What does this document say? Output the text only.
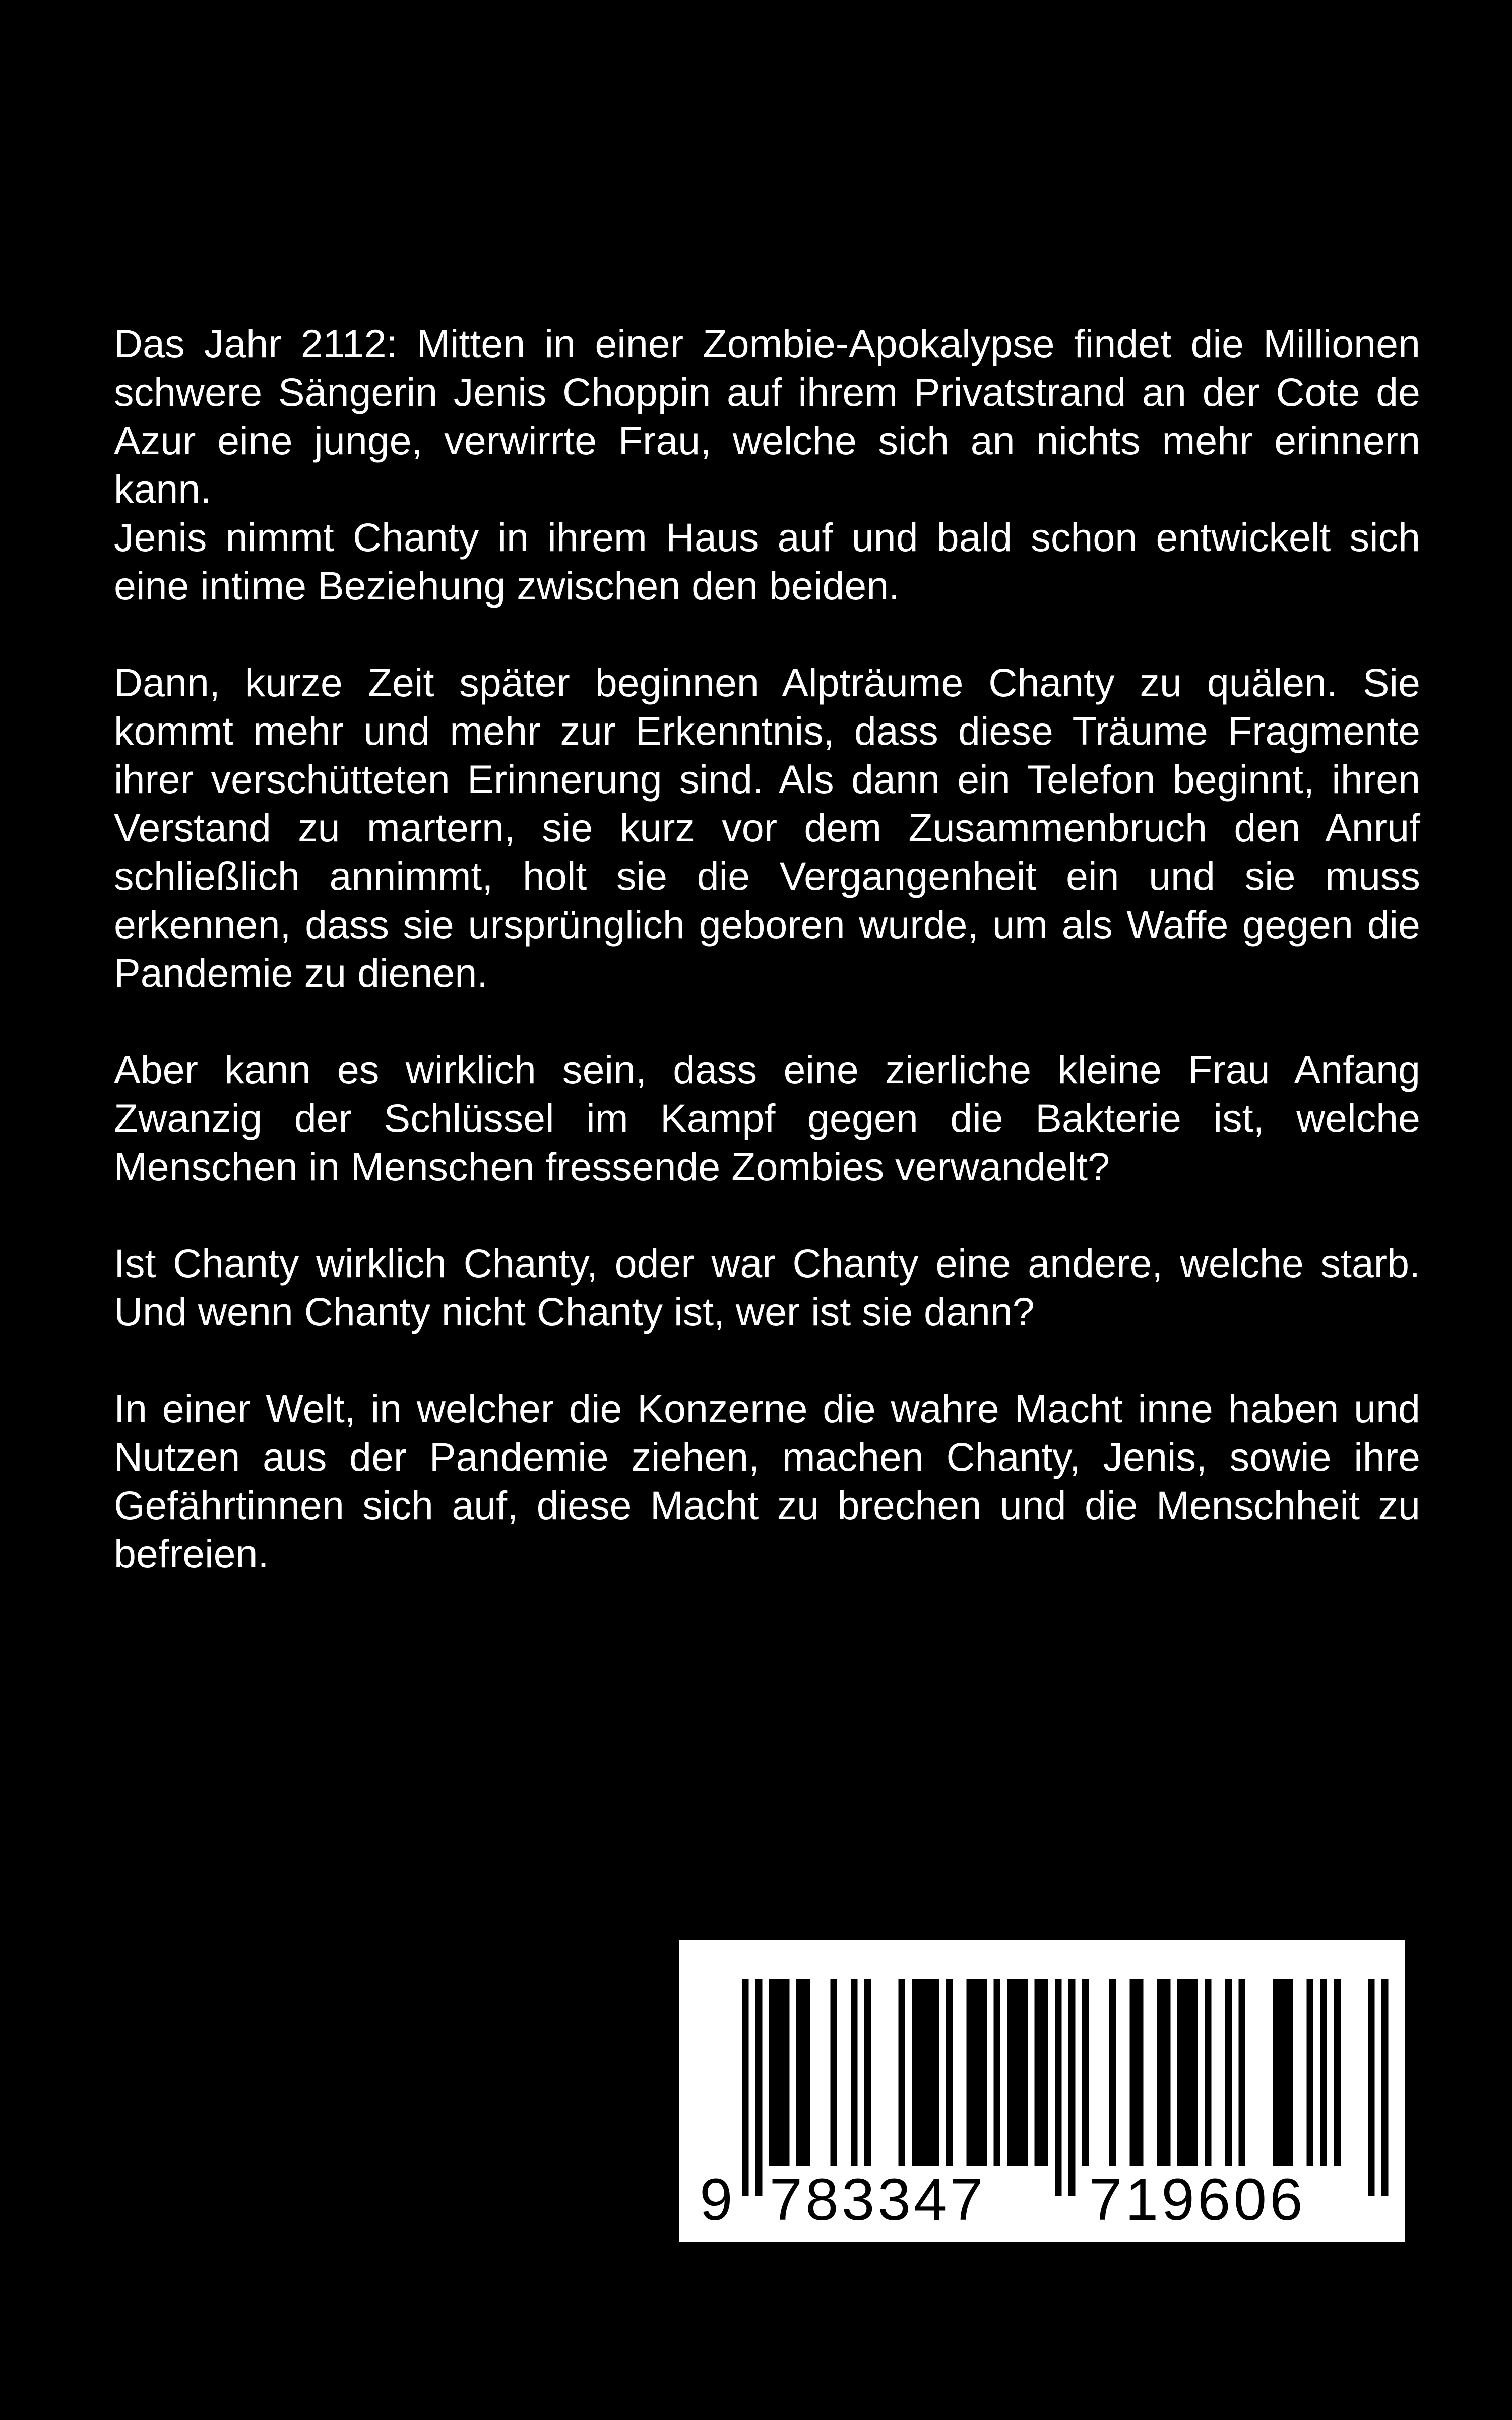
Das Jahr 2112: Mitten in einer Zombie-Apokalypse findet die Millionen schwere Sängerin Jenis Choppin auf ihrem Privatstrand an der Cote de Azur eine junge, verwirrte Frau, welche sich an nichts mehr erinnern kann.

Jenis nimmt Chanty in ihrem Haus auf und bald schon entwickelt sich eine intime Beziehung zwischen den beiden.

Dann, kurze Zeit später beginnen Alpträume Chanty zu quälen. Sie kommt mehr und mehr zur Erkenntnis, dass diese Träume Fragmente ihrer verschütteten Erinnerung sind. Als dann ein Telefon beginnt, ihren Verstand zu martern, sie kurz vor dem Zusammenbruch den Anruf schließlich annimmt, holt sie die Vergangenheit ein und sie muss erkennen, dass sie ursprünglich geboren wurde, um als Waffe gegen die Pandemie zu dienen.

Aber kann es wirklich sein, dass eine zierliche kleine Frau Anfang Zwanzig der Schlüssel im Kampf gegen die Bakterie ist, welche Menschen in Menschen fressende Zombies verwandelt?

Ist Chanty wirklich Chanty, oder war Chanty eine andere, welche starb. Und wenn Chanty nicht Chanty ist, wer ist sie dann?

In einer Welt, in welcher die Konzerne die wahre Macht inne haben und Nutzen aus der Pandemie ziehen, machen Chanty, Jenis, sowie ihre Gefährtinnen sich auf, diese Macht zu brechen und die Menschheit zu befreien.

9 783347 719606
